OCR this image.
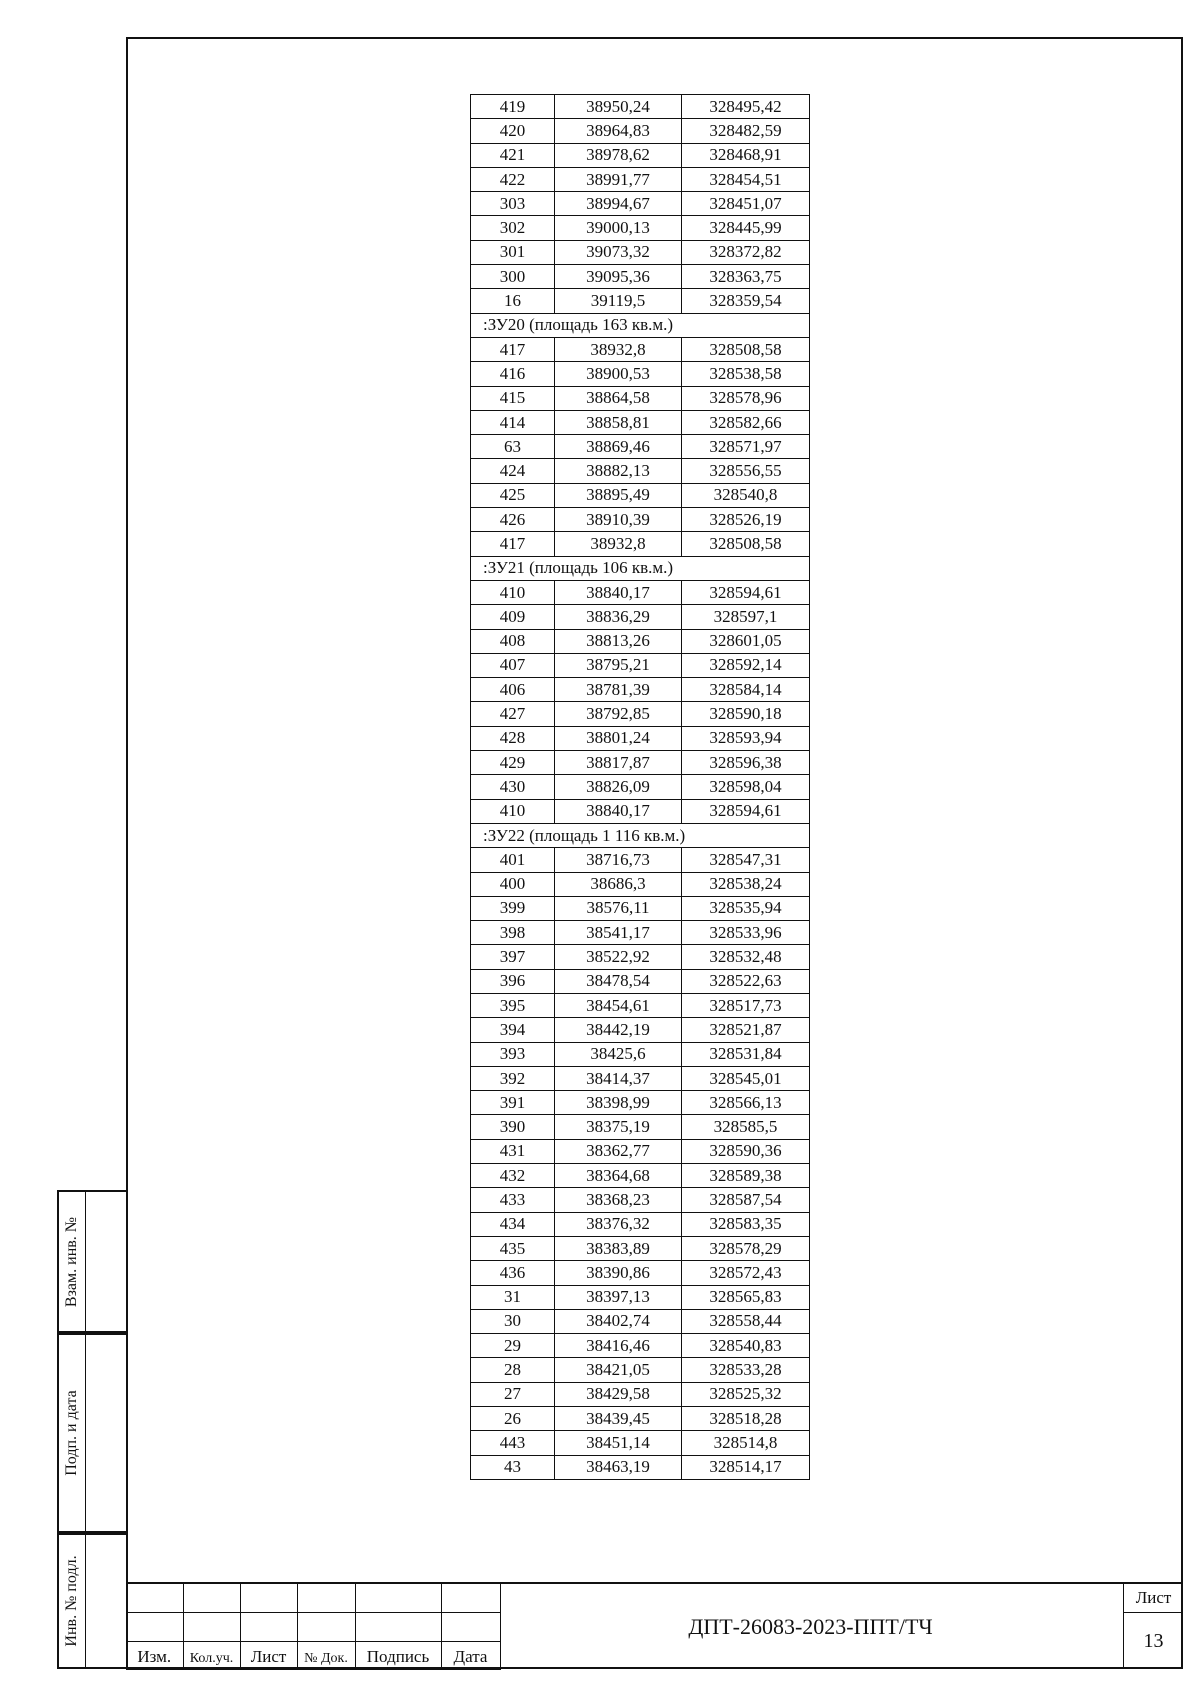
Взам. инв. №
Подп. и дата
Инв. № подл.
419	38950,24	328495,42
420	38964,83	328482,59
421	38978,62	328468,91
422	38991,77	328454,51
303	38994,67	328451,07
302	39000,13	328445,99
301	39073,32	328372,82
300	39095,36	328363,75
16	39119,5	328359,54
:ЗУ20 (площадь 163 кв.м.)		
417	38932,8	328508,58
416	38900,53	328538,58
415	38864,58	328578,96
414	38858,81	328582,66
63	38869,46	328571,97
424	38882,13	328556,55
425	38895,49	328540,8
426	38910,39	328526,19
417	38932,8	328508,58
:ЗУ21 (площадь 106 кв.м.)		
410	38840,17	328594,61
409	38836,29	328597,1
408	38813,26	328601,05
407	38795,21	328592,14
406	38781,39	328584,14
427	38792,85	328590,18
428	38801,24	328593,94
429	38817,87	328596,38
430	38826,09	328598,04
410	38840,17	328594,61
:ЗУ22 (площадь 1 116 кв.м.)		
401	38716,73	328547,31
400	38686,3	328538,24
399	38576,11	328535,94
398	38541,17	328533,96
397	38522,92	328532,48
396	38478,54	328522,63
395	38454,61	328517,73
394	38442,19	328521,87
393	38425,6	328531,84
392	38414,37	328545,01
391	38398,99	328566,13
390	38375,19	328585,5
431	38362,77	328590,36
432	38364,68	328589,38
433	38368,23	328587,54
434	38376,32	328583,35
435	38383,89	328578,29
436	38390,86	328572,43
31	38397,13	328565,83
30	38402,74	328558,44
29	38416,46	328540,83
28	38421,05	328533,28
27	38429,58	328525,32
26	38439,45	328518,28
443	38451,14	328514,8
43	38463,19	328514,17

Изм.	Кол.уч.	Лист	№ Док.	Подпись	Дата
ДПТ-26083-2023-ППТ/ТЧ
Лист
13
